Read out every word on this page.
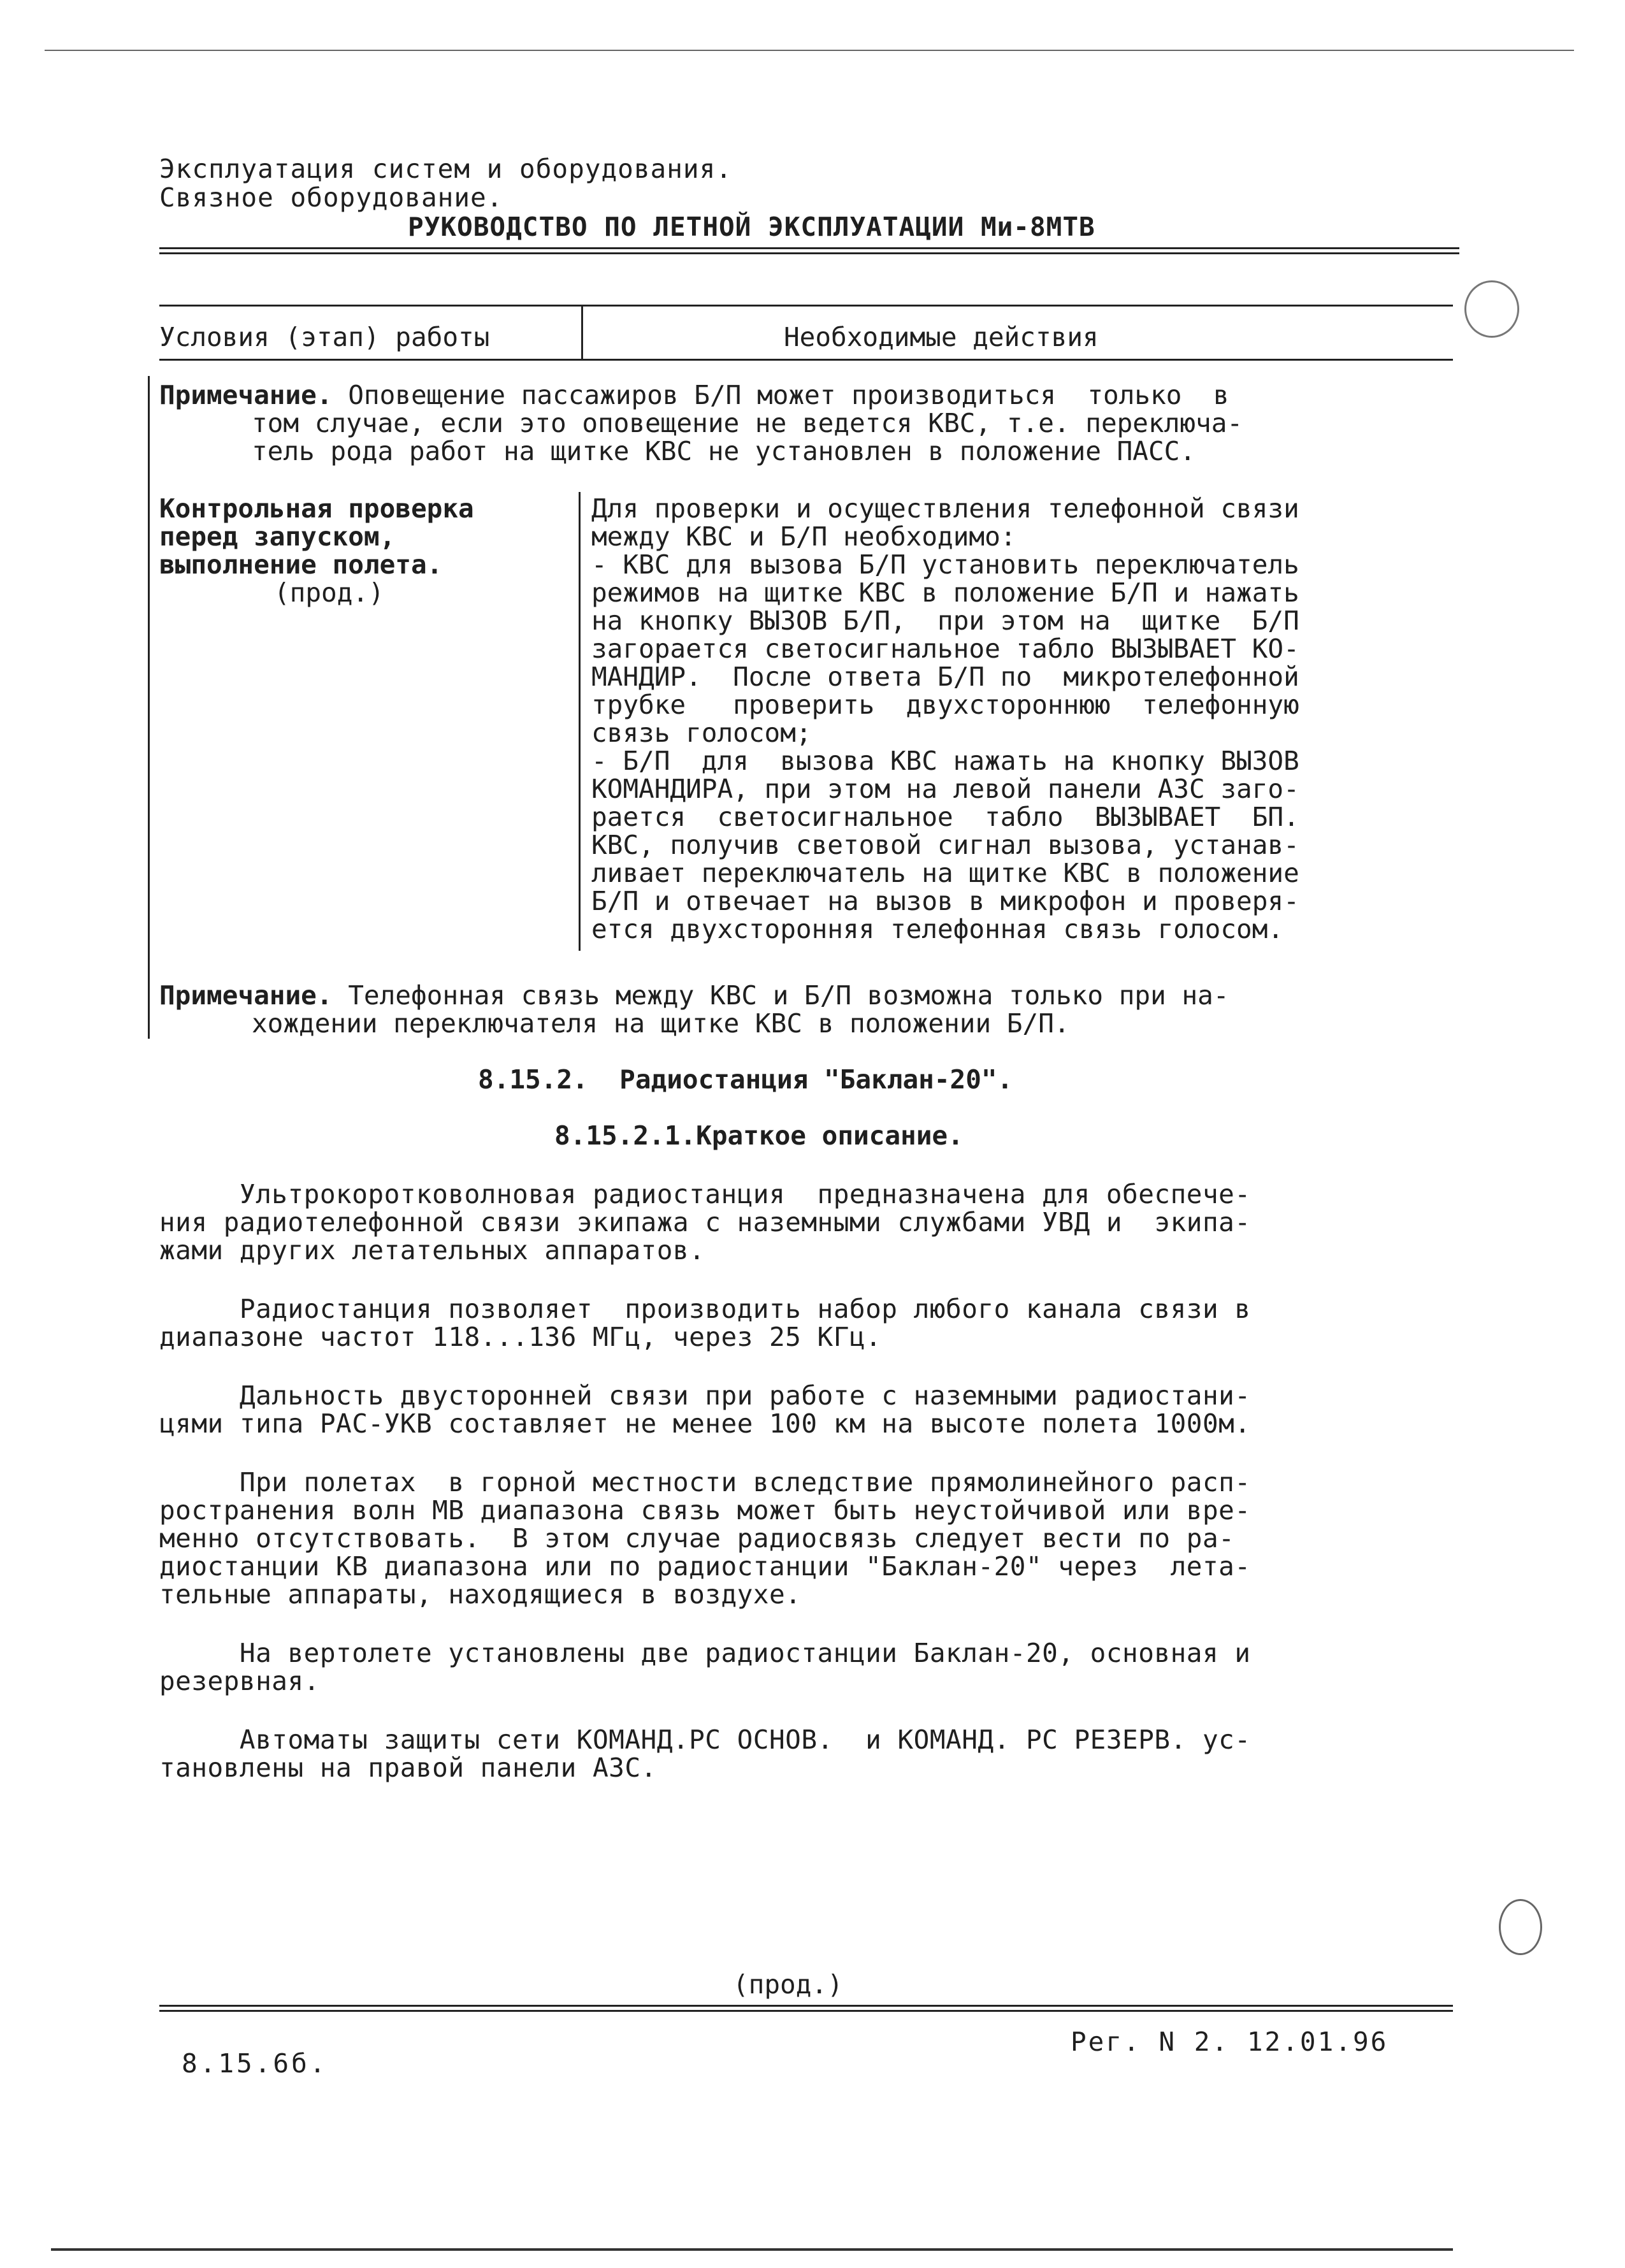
Эксплуатация систем и оборудования.
Связное оборудование.
РУКОВОДСТВО ПО ЛЕТНОЙ ЭКСПЛУАТАЦИИ Ми-8МТВ
Условия (этап) работы	Необходимые действия
Примечание. Оповещение пассажиров Б/П может производиться  только  в
том случае, если это оповещение не ведется КВС, т.е. переключа-
тель рода работ на щитке КВС не установлен в положение ПАСС.
Контрольная проверка
перед запуском,
выполнение полета.
(прод.)
Для проверки и осуществления телефонной связи
между КВС и Б/П необходимо:
- КВС для вызова Б/П установить переключатель
режимов на щитке КВС в положение Б/П и нажать
на кнопку ВЫЗОВ Б/П,  при этом на  щитке  Б/П
загорается светосигнальное табло ВЫЗЫВАЕТ КО-
МАНДИР.  После ответа Б/П по  микротелефонной
трубке   проверить  двухстороннюю  телефонную
связь голосом;
- Б/П  для  вызова КВС нажать на кнопку ВЫЗОВ
КОМАНДИРА, при этом на левой панели АЗС заго-
рается  светосигнальное  табло  ВЫЗЫВАЕТ  БП.
КВС, получив световой сигнал вызова, устанав-
ливает переключатель на щитке КВС в положение
Б/П и отвечает на вызов в микрофон и проверя-
ется двухсторонняя телефонная связь голосом.
Примечание. Телефонная связь между КВС и Б/П возможна только при на-
хождении переключателя на щитке КВС в положении Б/П.
8.15.2.  Радиостанция "Баклан-20".
8.15.2.1.Краткое описание.
Ультрокоротковолновая радиостанция  предназначена для обеспече-
ния радиотелефонной связи экипажа с наземными службами УВД и  экипа-
жами других летательных аппаратов.
Радиостанция позволяет  производить набор любого канала связи в
диапазоне частот 118...136 МГц, через 25 КГц.
Дальность двусторонней связи при работе с наземными радиостани-
цями типа РАС-УКВ составляет не менее 100 км на высоте полета 1000м.
При полетах  в горной местности вследствие прямолинейного расп-
ространения волн МВ диапазона связь может быть неустойчивой или вре-
менно отсутствовать.  В этом случае радиосвязь следует вести по ра-
диостанции КВ диапазона или по радиостанции "Баклан-20" через  лета-
тельные аппараты, находящиеся в воздухе.
На вертолете установлены две радиостанции Баклан-20, основная и
резервная.
Автоматы защиты сети КОМАНД.РС ОСНОВ.  и КОМАНД. РС РЕЗЕРВ. ус-
тановлены на правой панели АЗС.
(прод.)
8.15.6б.
Рег. N 2. 12.01.96
